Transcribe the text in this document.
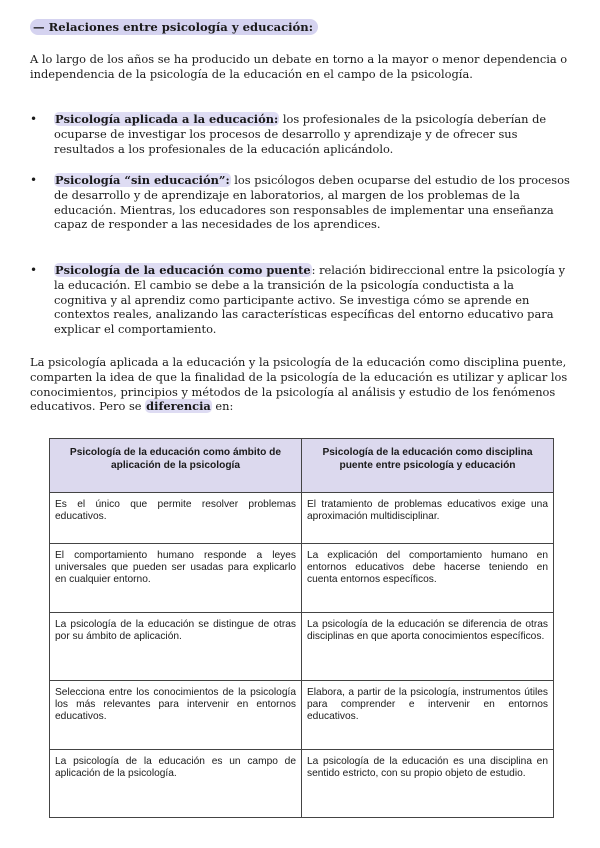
— Relaciones entre psicología y educación:
A lo largo de los años se ha producido un debate en torno a la mayor o menor dependencia o independencia de la psicología de la educación en el campo de la psicología.
• Psicología aplicada a la educación: los profesionales de la psicología deberían de ocuparse de investigar los procesos de desarrollo y aprendizaje y de ofrecer sus resultados a los profesionales de la educación aplicándolo.
• Psicología “sin educación”: los psicólogos deben ocuparse del estudio de los procesos de desarrollo y de aprendizaje en laboratorios, al margen de los problemas de la educación. Mientras, los educadores son responsables de implementar una enseñanza capaz de responder a las necesidades de los aprendices.
• Psicología de la educación como puente: relación bidireccional entre la psicología y la educación. El cambio se debe a la transición de la psicología conductista a la cognitiva y al aprendiz como participante activo. Se investiga cómo se aprende en contextos reales, analizando las características específicas del entorno educativo para explicar el comportamiento.
La psicología aplicada a la educación y la psicología de la educación como disciplina puente, comparten la idea de que la finalidad de la psicología de la educación es utilizar y aplicar los conocimientos, principios y métodos de la psicología al análisis y estudio de los fenómenos educativos. Pero se diferencia en:
Psicología de la educación como ámbito de aplicación de la psicología	Psicología de la educación como disciplina puente entre psicología y educación
Es el único que permite resolver problemas educativos.	El tratamiento de problemas educativos exige una aproximación multidisciplinar.
El comportamiento humano responde a leyes universales que pueden ser usadas para explicarlo en cualquier entorno.	La explicación del comportamiento humano en entornos educativos debe hacerse teniendo en cuenta entornos específicos.
La psicología de la educación se distingue de otras por su ámbito de aplicación.	La psicología de la educación se diferencia de otras disciplinas en que aporta conocimientos específicos.
Selecciona entre los conocimientos de la psicología los más relevantes para intervenir en entornos educativos.	Elabora, a partir de la psicología, instrumentos útiles para comprender e intervenir en entornos educativos.
La psicología de la educación es un campo de aplicación de la psicología.	La psicología de la educación es una disciplina en sentido estricto, con su propio objeto de estudio.
